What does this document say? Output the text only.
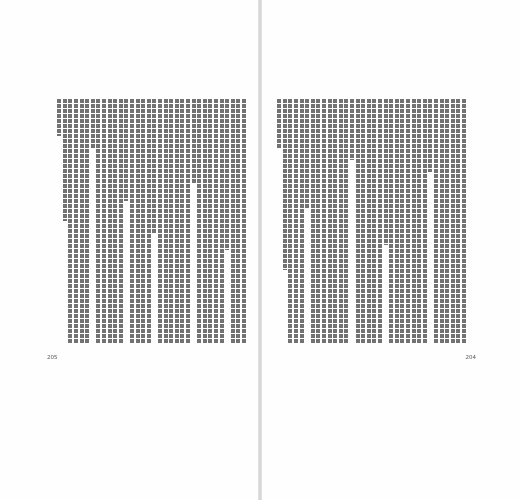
205	204
